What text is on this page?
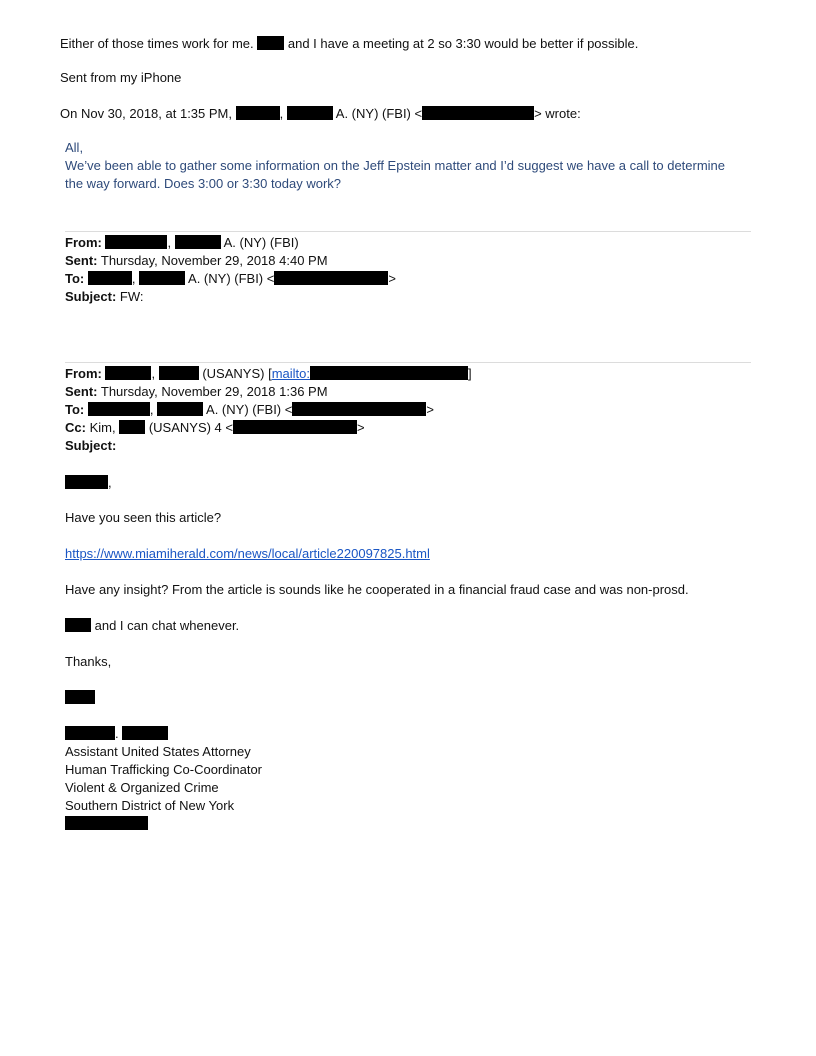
Either of those times work for me.	and I have a meeting at 2 so 3:30 would be better if possible.
Sent from my iPhone
On Nov 30, 2018, at 1:35 PM,	,	A. (NY) (FBI) <	> wrote:
All,
We’ve been able to gather some information on the Jeff Epstein matter and I’d suggest we have a call to determine
the way forward. Does 3:00 or 3:30 today work?
From:	,	A. (NY) (FBI)
Sent: Thursday, November 29, 2018 4:40 PM
To:	,	A. (NY) (FBI) <	>
Subject: FW:
From:	,	(USANYS) [mailto:	]
Sent: Thursday, November 29, 2018 1:36 PM
To:	,	A. (NY) (FBI) <	>
Cc: Kim,	(USANYS) 4 <	>
Subject:
,
Have you seen this article?
https://www.miamiherald.com/news/local/article220097825.html
Have any insight? From the article is sounds like he cooperated in a financial fraud case and was non-prosd.
and I can chat whenever.
Thanks,
.
Assistant United States Attorney
Human Trafficking Co-Coordinator
Violent & Organized Crime
Southern District of New York
